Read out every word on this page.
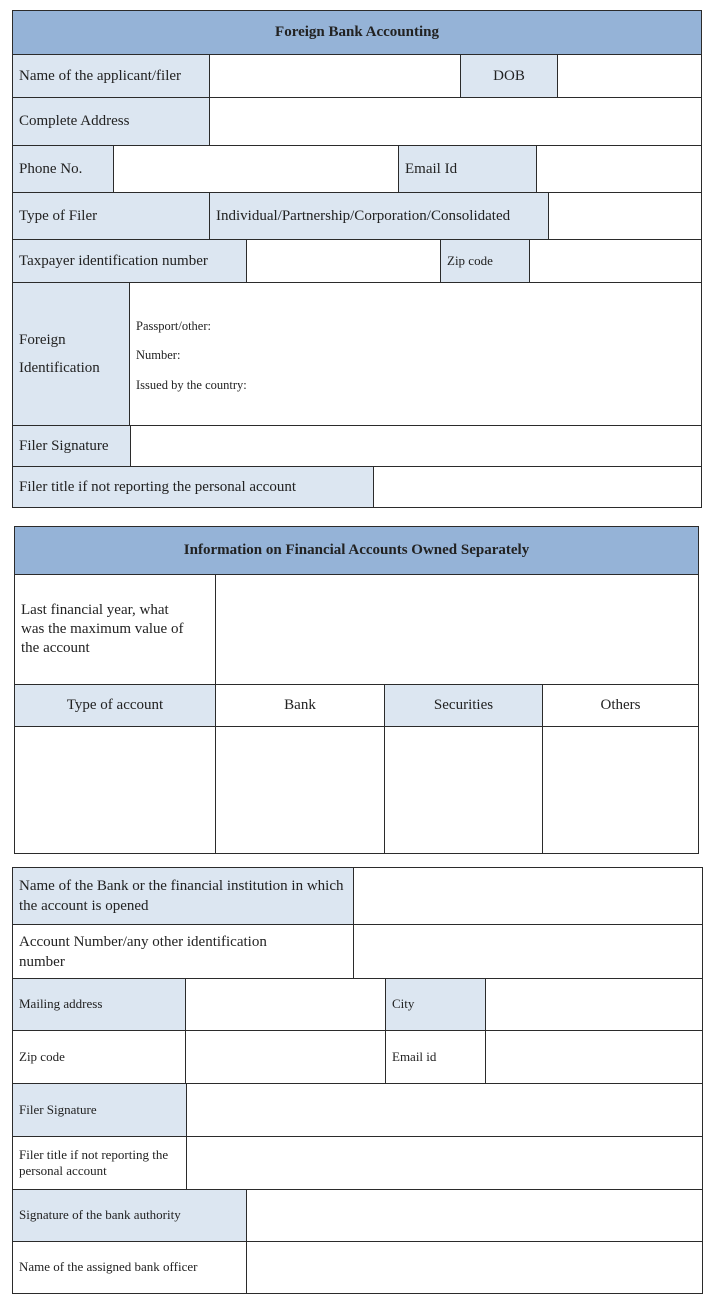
Foreign Bank Accounting
Name of the applicant/filer	DOB
Complete Address
Phone No.	Email Id
Type of Filer	Individual/Partnership/Corporation/Consolidated
Taxpayer identification number	Zip code
Foreign Identification
Passport/other:
Number:
Issued by the country:
Filer Signature
Filer title if not reporting the personal account
Information on Financial Accounts Owned Separately
Last financial year, what was the maximum value of the account
Type of account	Bank	Securities	Others
Name of the Bank or the financial institution in which the account is opened
Account Number/any other identification number
Mailing address	City
Zip code	Email id
Filer Signature
Filer title if not reporting the personal account
Signature of the bank authority
Name of the assigned bank officer
